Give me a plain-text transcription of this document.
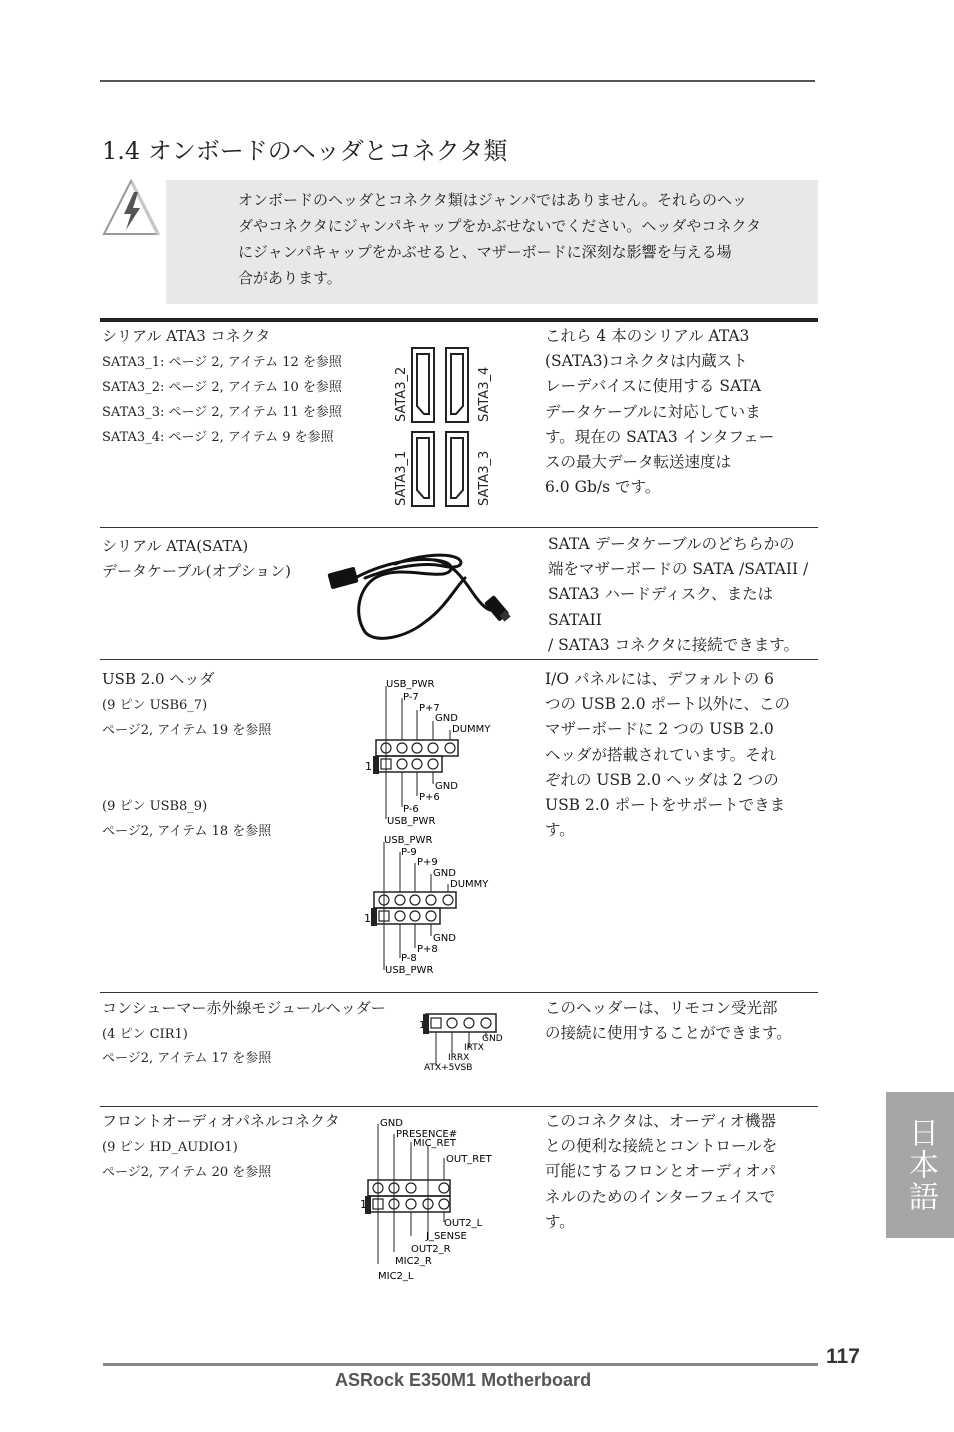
1.4 オンボードのヘッダとコネクタ類
オンボードのヘッダとコネクタ類はジャンパではありません。それらのヘッ
ダやコネクタにジャンパキャップをかぶせないでください。ヘッダやコネクタ
にジャンパキャップをかぶせると、マザーボードに深刻な影響を与える場
合があります。
シリアル ATA3 コネクタ
SATA3_1: ページ 2, アイテム 12 を参照
SATA3_2: ページ 2, アイテム 10 を参照
SATA3_3: ページ 2, アイテム 11 を参照
SATA3_4: ページ 2, アイテム 9 を参照
SATA3_2	SATA3_4
SATA3_1	SATA3_3
これら 4 本のシリアル ATA3
(SATA3)コネクタは内蔵スト
レーデバイスに使用する SATA
データケーブルに対応していま
す。現在の SATA3 インタフェー
スの最大データ転送速度は
6.0 Gb/s です。
シリアル ATA(SATA)
データケーブル(オプション)
SATA データケーブルのどちらかの
端をマザーボードの SATA /SATAII /
SATA3 ハードディスク、または SATAII
/ SATA3 コネクタに接続できます。
USB 2.0 ヘッダ
(9 ピン USB6_7)
ページ2, アイテム 19 を参照
(9 ピン USB8_9)
ページ2, アイテム 18 を参照
1
USB_PWR
P-7
P+7
GND
DUMMY
GND
P+6
P-6
USB_PWR
1
USB_PWR
P-9
P+9
GND
DUMMY
GND
P+8
P-8
USB_PWR
I/O パネルには、デフォルトの 6
つの USB 2.0 ポート以外に、この
マザーボードに 2 つの USB 2.0
ヘッダが搭載されています。それ
ぞれの USB 2.0 ヘッダは 2 つの
USB 2.0 ポートをサポートできま
す。
コンシューマー赤外線モジュールヘッダー
(4 ピン CIR1)
ページ2, アイテム 17 を参照
1
GND
IRTX
IRRX
ATX+5VSB
このヘッダーは、リモコン受光部
の接続に使用することができます。
フロントオーディオパネルコネクタ
(9 ピン HD_AUDIO1)
ページ2, アイテム 20 を参照
1
GND
PRESENCE#
MIC_RET
OUT_RET
OUT2_L
J_SENSE
OUT2_R
MIC2_R
MIC2_L
このコネクタは、オーディオ機器
との便利な接続とコントロールを
可能にするフロンとオーディオパ
ネルのためのインターフェイスで
す。
日本語
117
ASRock E350M1 Motherboard
